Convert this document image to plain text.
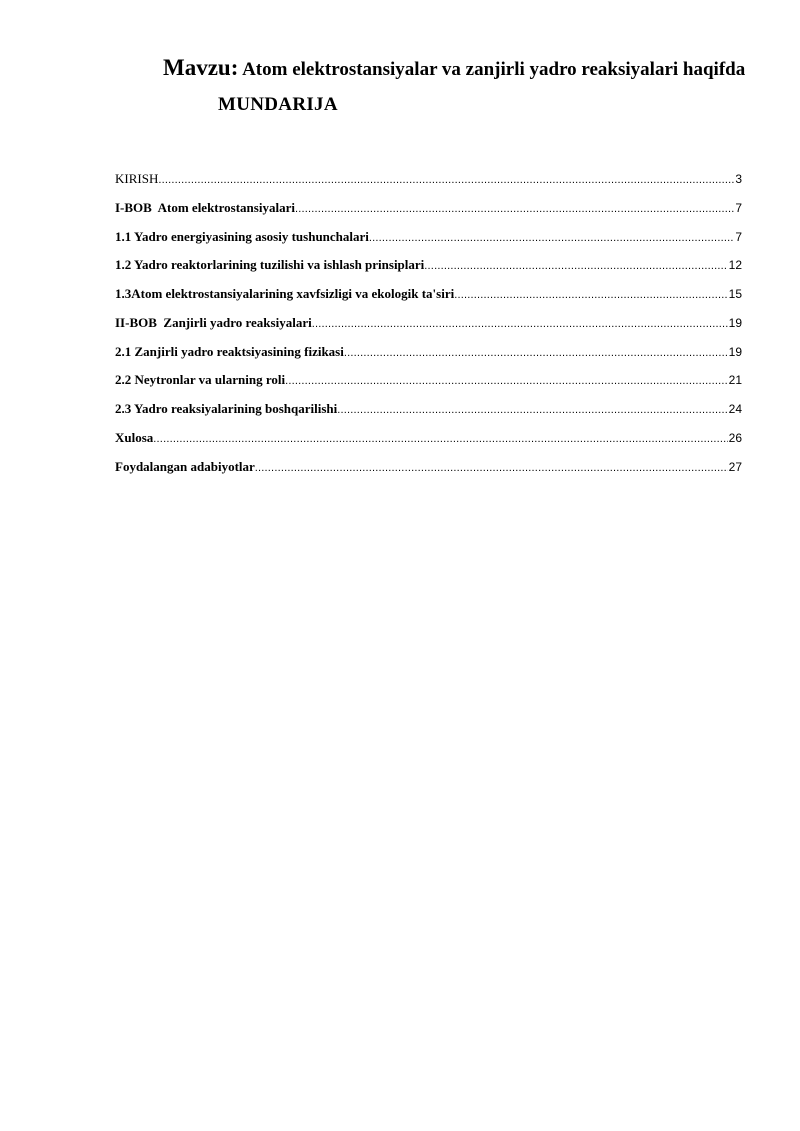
Mavzu: Atom elektrostansiyalar va zanjirli yadro reaksiyalari haqifda
MUNDARIJA
KIRISH .....	3
I-BOB  Atom elektrostansiyalari .....	7
1.1 Yadro energiyasining asosiy tushunchalari .....	7
1.2 Yadro reaktorlarining tuzilishi va ishlash prinsiplari .....	12
1.3Atom elektrostansiyalarining xavfsizligi va ekologik ta'siri .....	15
II-BOB  Zanjirli yadro reaksiyalari .....	19
2.1 Zanjirli yadro reaktsiyasining fizikasi .....	19
2.2 Neytronlar va ularning roli .....	21
2.3 Yadro reaksiyalarining boshqarilishi .....	24
Xulosa .....	26
Foydalangan adabiyotlar .....	27
